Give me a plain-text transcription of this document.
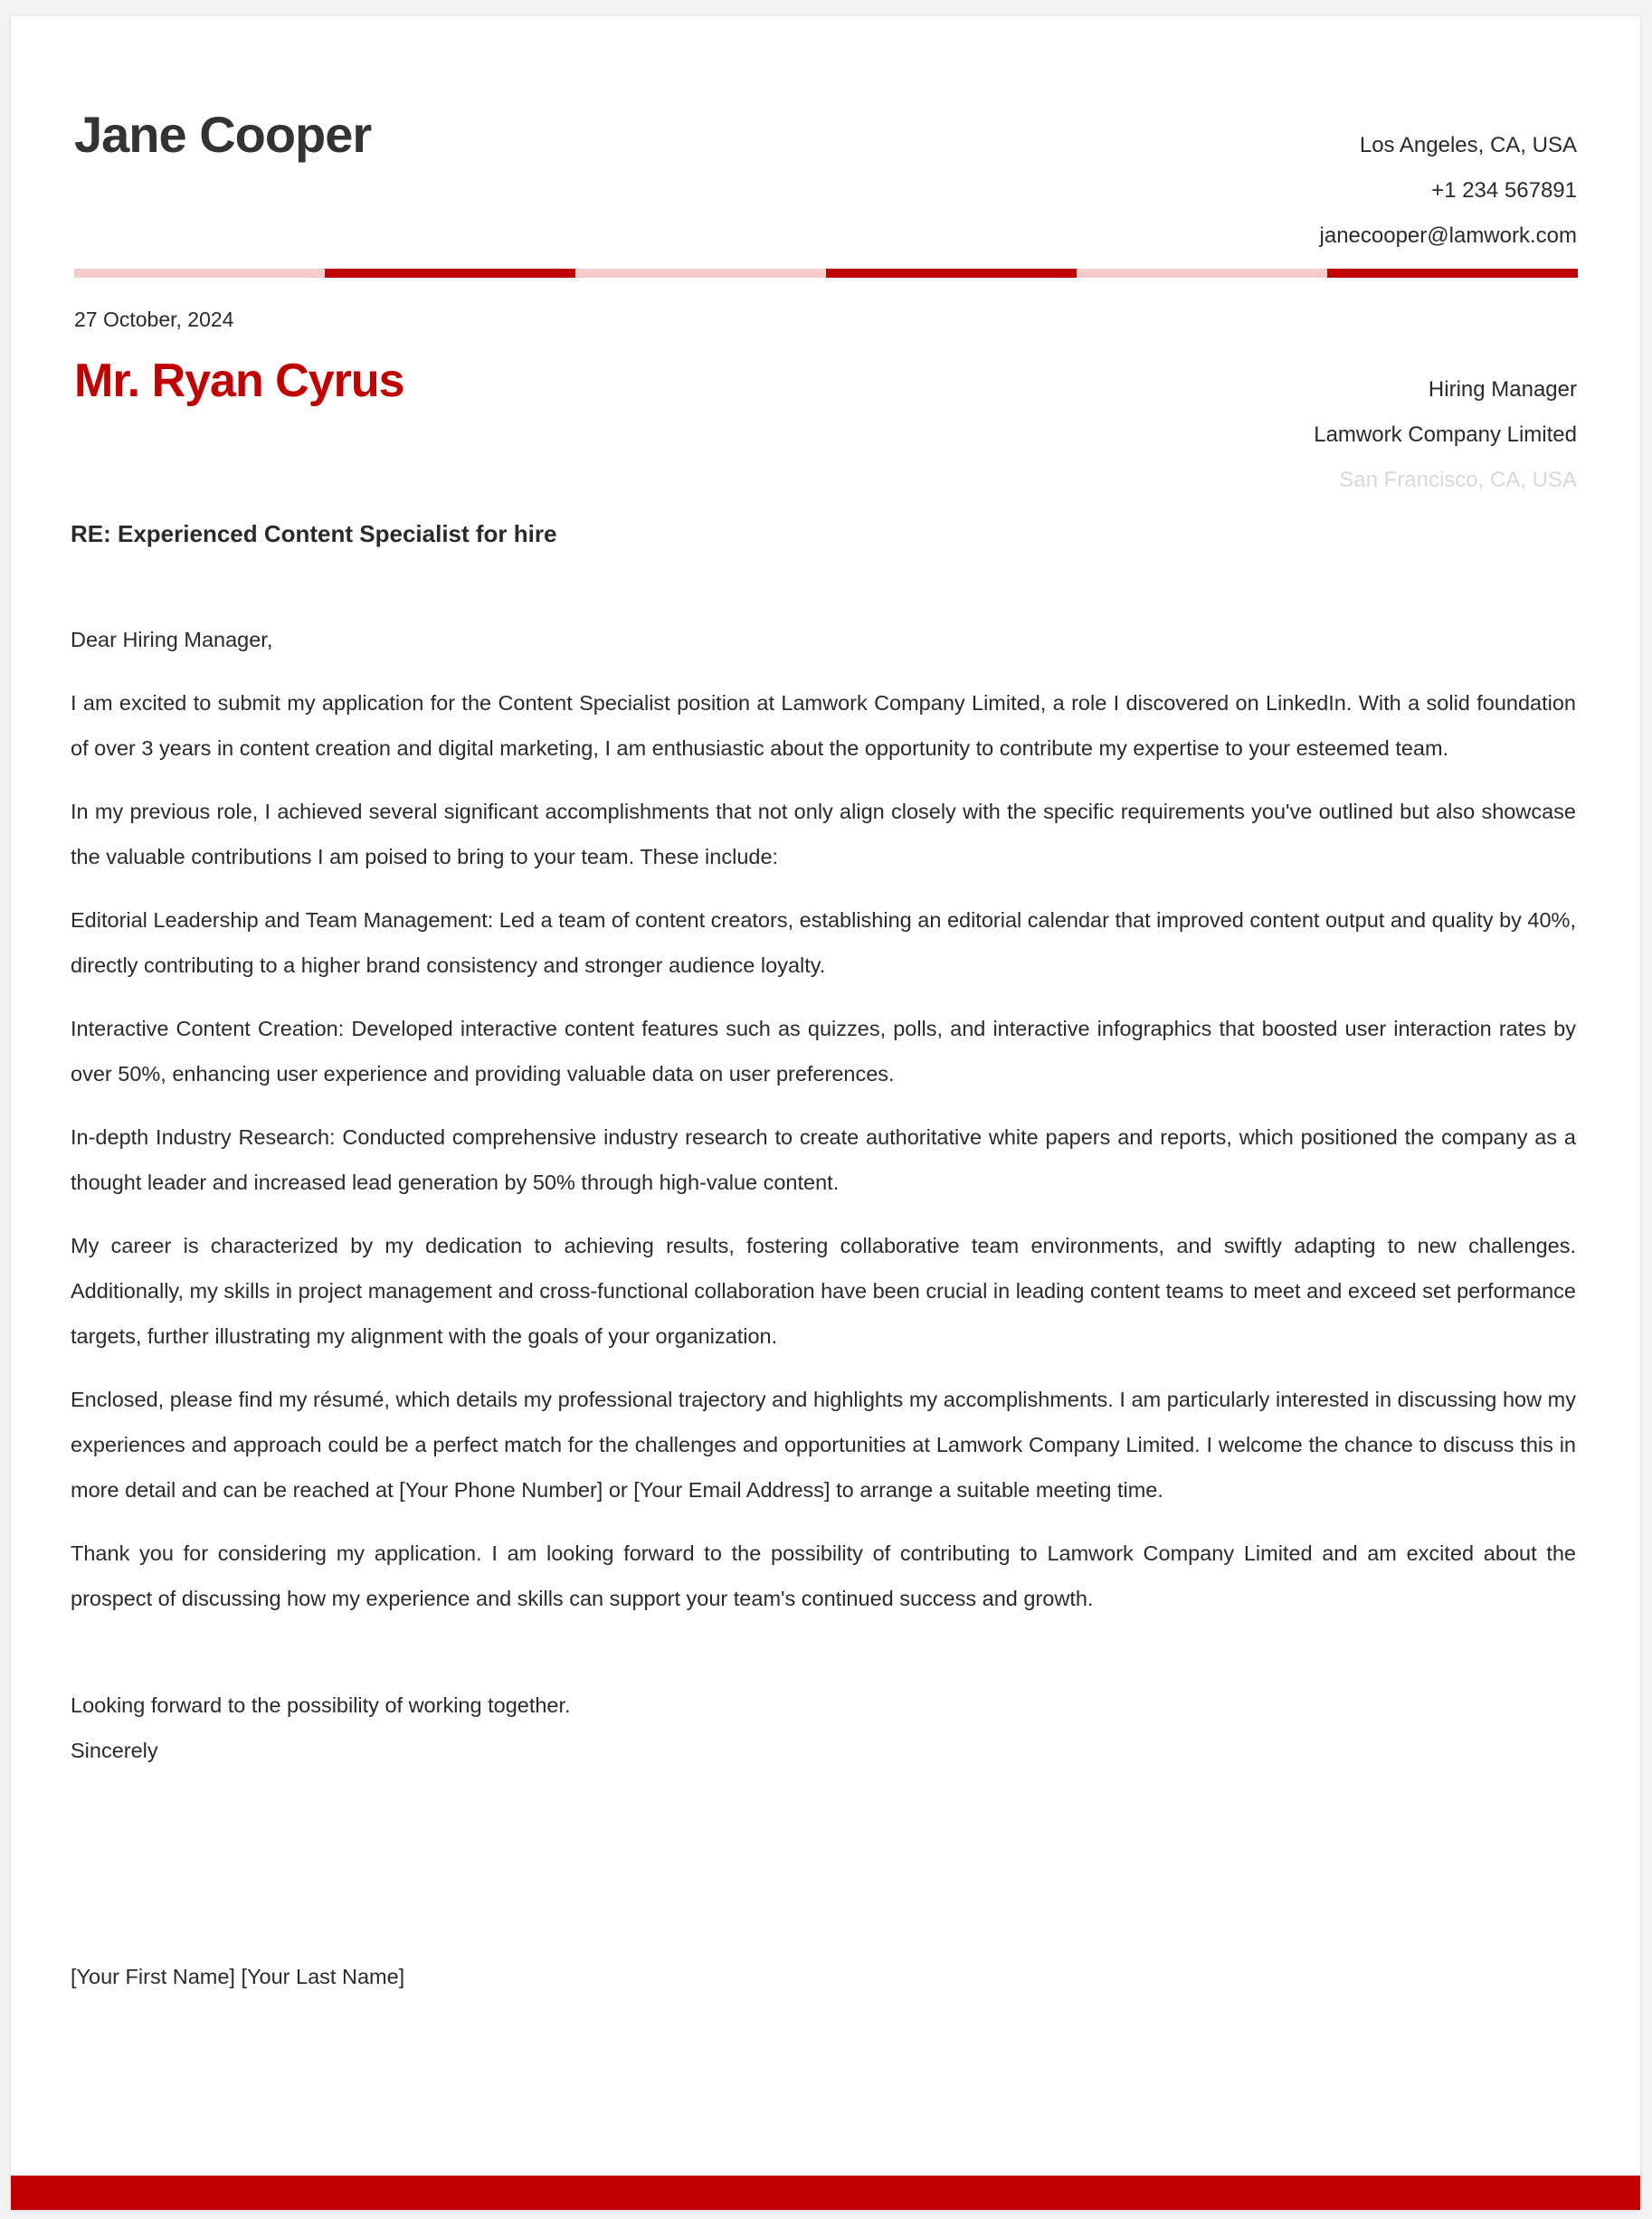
Jane Cooper	Los Angeles, CA, USA
+1 234 567891
janecooper@lamwork.com
27 October, 2024
Mr. Ryan Cyrus	Hiring Manager
Lamwork Company Limited
San Francisco, CA, USA
RE: Experienced Content Specialist for hire

Dear Hiring Manager,

I am excited to submit my application for the Content Specialist position at Lamwork Company Limited, a role I discovered on LinkedIn. With a solid foundation of over 3 years in content creation and digital marketing, I am enthusiastic about the opportunity to contribute my expertise to your esteemed team.

In my previous role, I achieved several significant accomplishments that not only align closely with the specific requirements you've outlined but also showcase the valuable contributions I am poised to bring to your team. These include:

Editorial Leadership and Team Management: Led a team of content creators, establishing an editorial calendar that improved content output and quality by 40%, directly contributing to a higher brand consistency and stronger audience loyalty.

Interactive Content Creation: Developed interactive content features such as quizzes, polls, and interactive infographics that boosted user interaction rates by over 50%, enhancing user experience and providing valuable data on user preferences.

In-depth Industry Research: Conducted comprehensive industry research to create authoritative white papers and reports, which positioned the company as a thought leader and increased lead generation by 50% through high-value content.

My career is characterized by my dedication to achieving results, fostering collaborative team environments, and swiftly adapting to new challenges. Additionally, my skills in project management and cross-functional collaboration have been crucial in leading content teams to meet and exceed set performance targets, further illustrating my alignment with the goals of your organization.

Enclosed, please find my résumé, which details my professional trajectory and highlights my accomplishments. I am particularly interested in discussing how my experiences and approach could be a perfect match for the challenges and opportunities at Lamwork Company Limited. I welcome the chance to discuss this in more detail and can be reached at [Your Phone Number] or [Your Email Address] to arrange a suitable meeting time.

Thank you for considering my application. I am looking forward to the possibility of contributing to Lamwork Company Limited and am excited about the prospect of discussing how my experience and skills can support your team's continued success and growth.

Looking forward to the possibility of working together.
Sincerely
[Your First Name] [Your Last Name]
